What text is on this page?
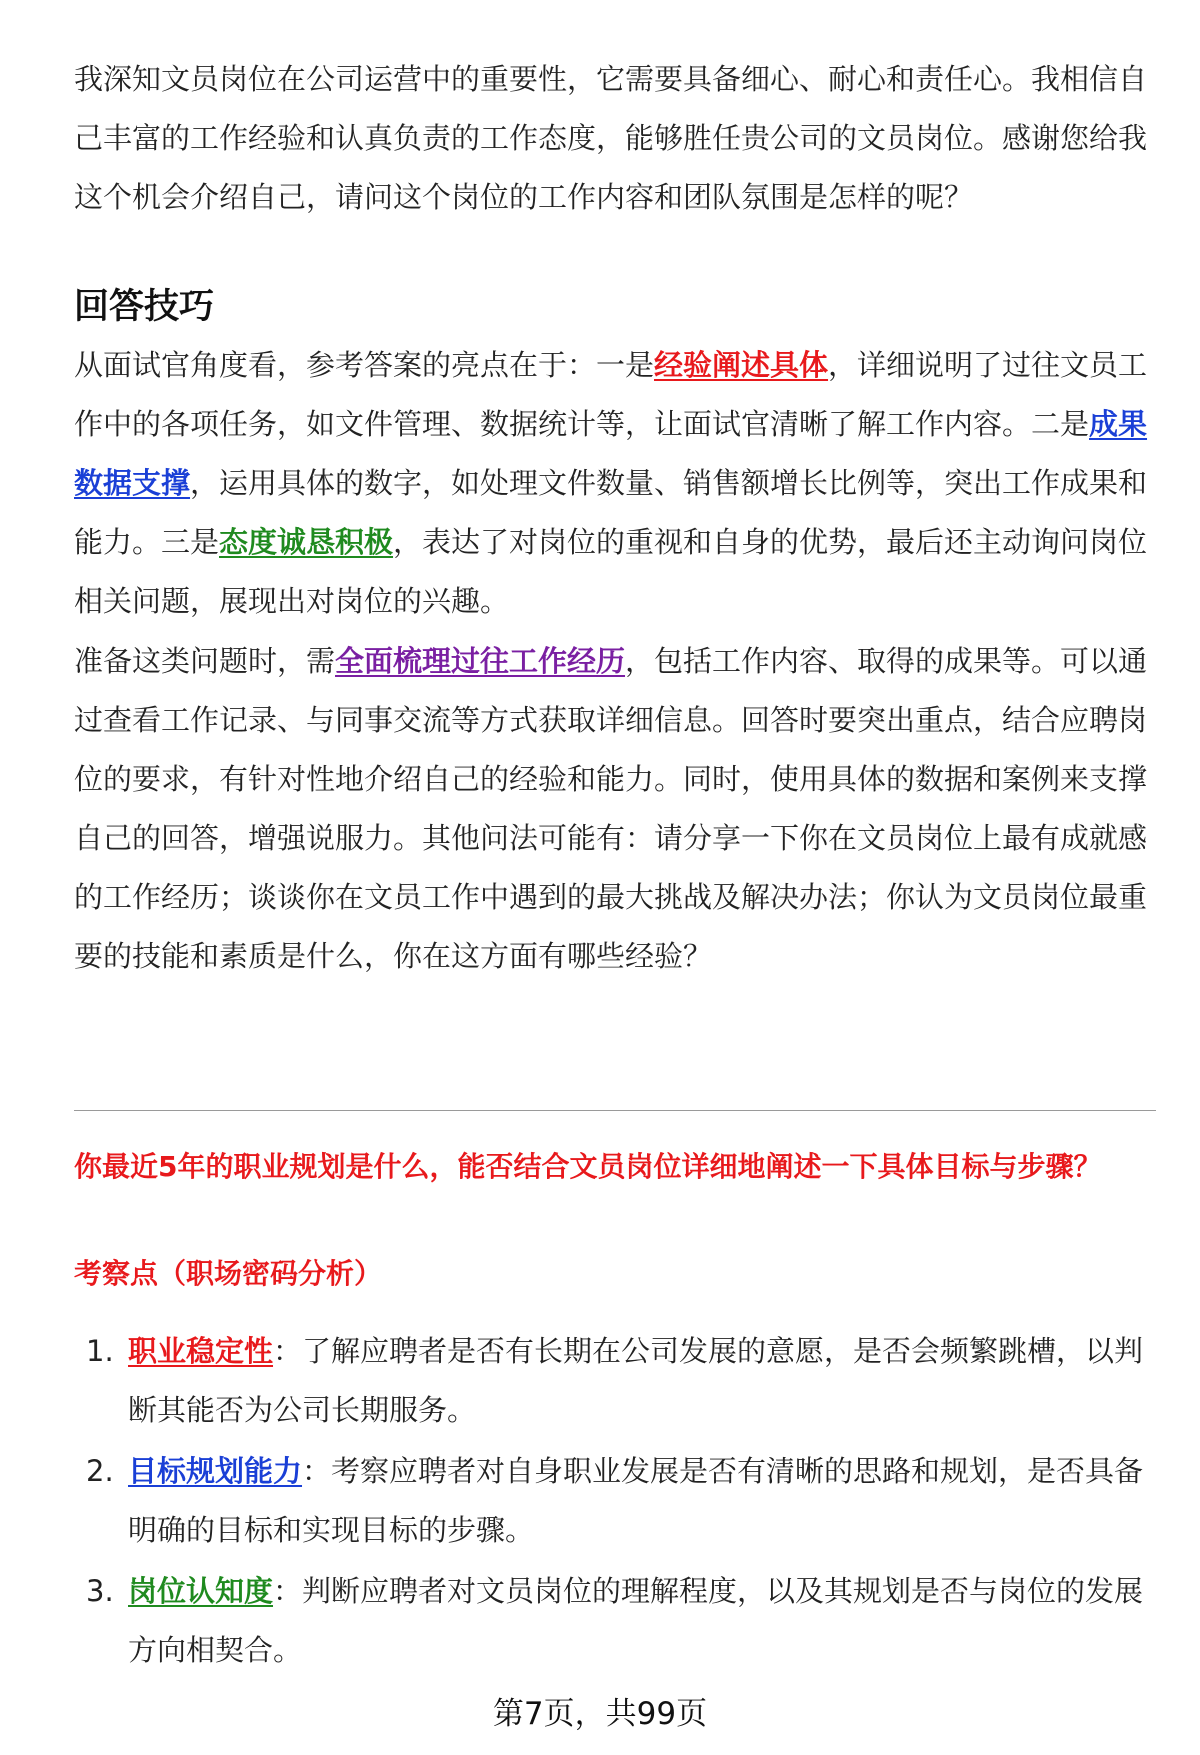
我深知文员岗位在公司运营中的重要性，它需要具备细心、耐心和责任心。我相信自己丰富的工作经验和认真负责的工作态度，能够胜任贵公司的文员岗位。感谢您给我这个机会介绍自己，请问这个岗位的工作内容和团队氛围是怎样的呢？

回答技巧

从面试官角度看，参考答案的亮点在于：一是经验阐述具体，详细说明了过往文员工作中的各项任务，如文件管理、数据统计等，让面试官清晰了解工作内容。二是成果数据支撑，运用具体的数字，如处理文件数量、销售额增长比例等，突出工作成果和能力。三是态度诚恳积极，表达了对岗位的重视和自身的优势，最后还主动询问岗位相关问题，展现出对岗位的兴趣。

准备这类问题时，需全面梳理过往工作经历，包括工作内容、取得的成果等。可以通过查看工作记录、与同事交流等方式获取详细信息。回答时要突出重点，结合应聘岗位的要求，有针对性地介绍自己的经验和能力。同时，使用具体的数据和案例来支撑自己的回答，增强说服力。其他问法可能有：请分享一下你在文员岗位上最有成就感的工作经历；谈谈你在文员工作中遇到的最大挑战及解决办法；你认为文员岗位最重要的技能和素质是什么，你在这方面有哪些经验？

你最近5年的职业规划是什么，能否结合文员岗位详细地阐述一下具体目标与步骤？

考察点（职场密码分析）

1. 职业稳定性：了解应聘者是否有长期在公司发展的意愿，是否会频繁跳槽，以判断其能否为公司长期服务。
2. 目标规划能力：考察应聘者对自身职业发展是否有清晰的思路和规划，是否具备明确的目标和实现目标的步骤。
3. 岗位认知度：判断应聘者对文员岗位的理解程度，以及其规划是否与岗位的发展方向相契合。
第7页，共99页
